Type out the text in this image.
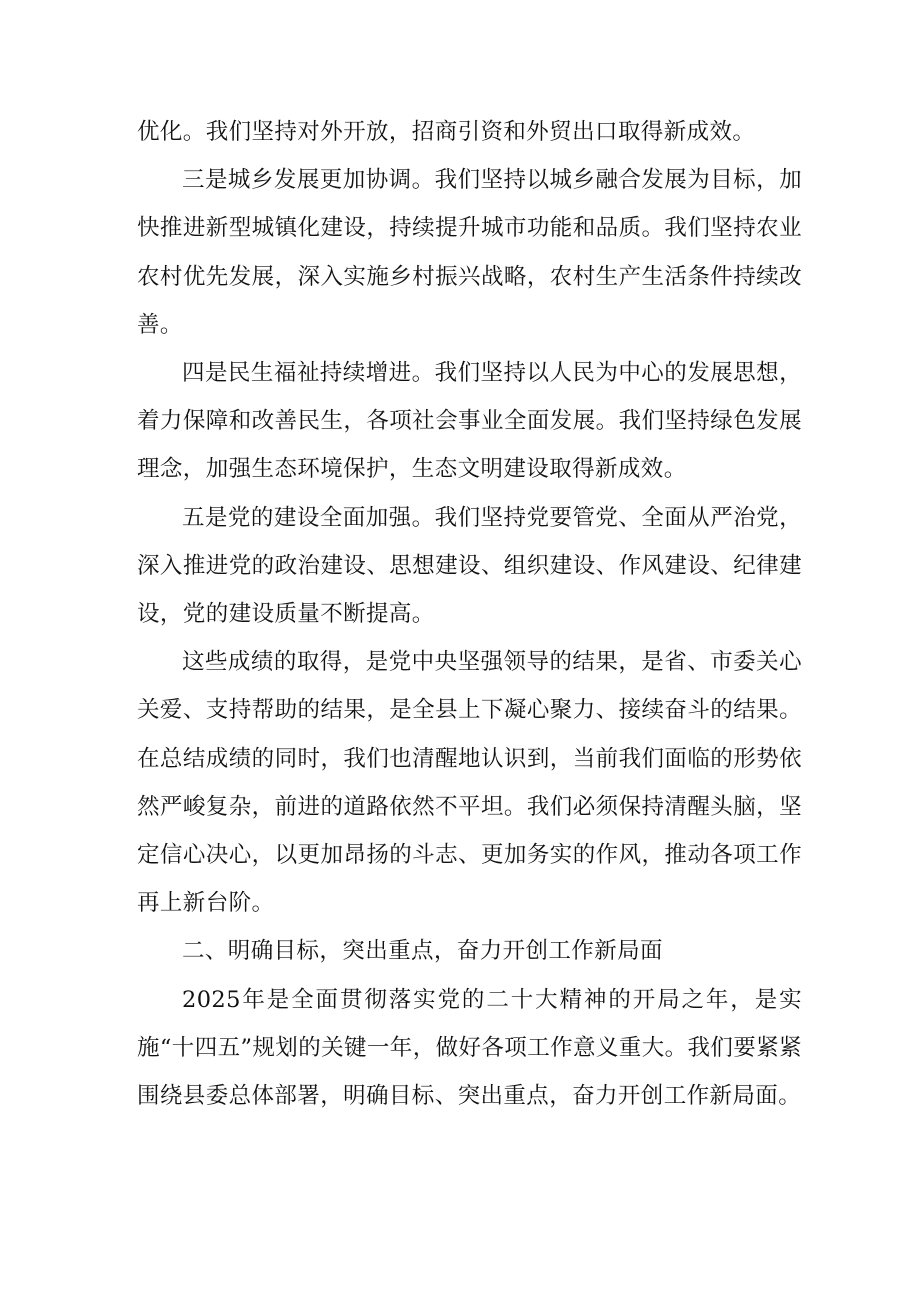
优化。我们坚持对外开放，招商引资和外贸出口取得新成效。

三是城乡发展更加协调。我们坚持以城乡融合发展为目标，加快推进新型城镇化建设，持续提升城市功能和品质。我们坚持农业农村优先发展，深入实施乡村振兴战略，农村生产生活条件持续改善。

四是民生福祉持续增进。我们坚持以人民为中心的发展思想，着力保障和改善民生，各项社会事业全面发展。我们坚持绿色发展理念，加强生态环境保护，生态文明建设取得新成效。

五是党的建设全面加强。我们坚持党要管党、全面从严治党，深入推进党的政治建设、思想建设、组织建设、作风建设、纪律建设，党的建设质量不断提高。

这些成绩的取得，是党中央坚强领导的结果，是省、市委关心关爱、支持帮助的结果，是全县上下凝心聚力、接续奋斗的结果。在总结成绩的同时，我们也清醒地认识到，当前我们面临的形势依然严峻复杂，前进的道路依然不平坦。我们必须保持清醒头脑，坚定信心决心，以更加昂扬的斗志、更加务实的作风，推动各项工作再上新台阶。

二、明确目标，突出重点，奋力开创工作新局面

2025年是全面贯彻落实党的二十大精神的开局之年，是实施“十四五”规划的关键一年，做好各项工作意义重大。我们要紧紧围绕县委总体部署，明确目标、突出重点，奋力开创工作新局面。
